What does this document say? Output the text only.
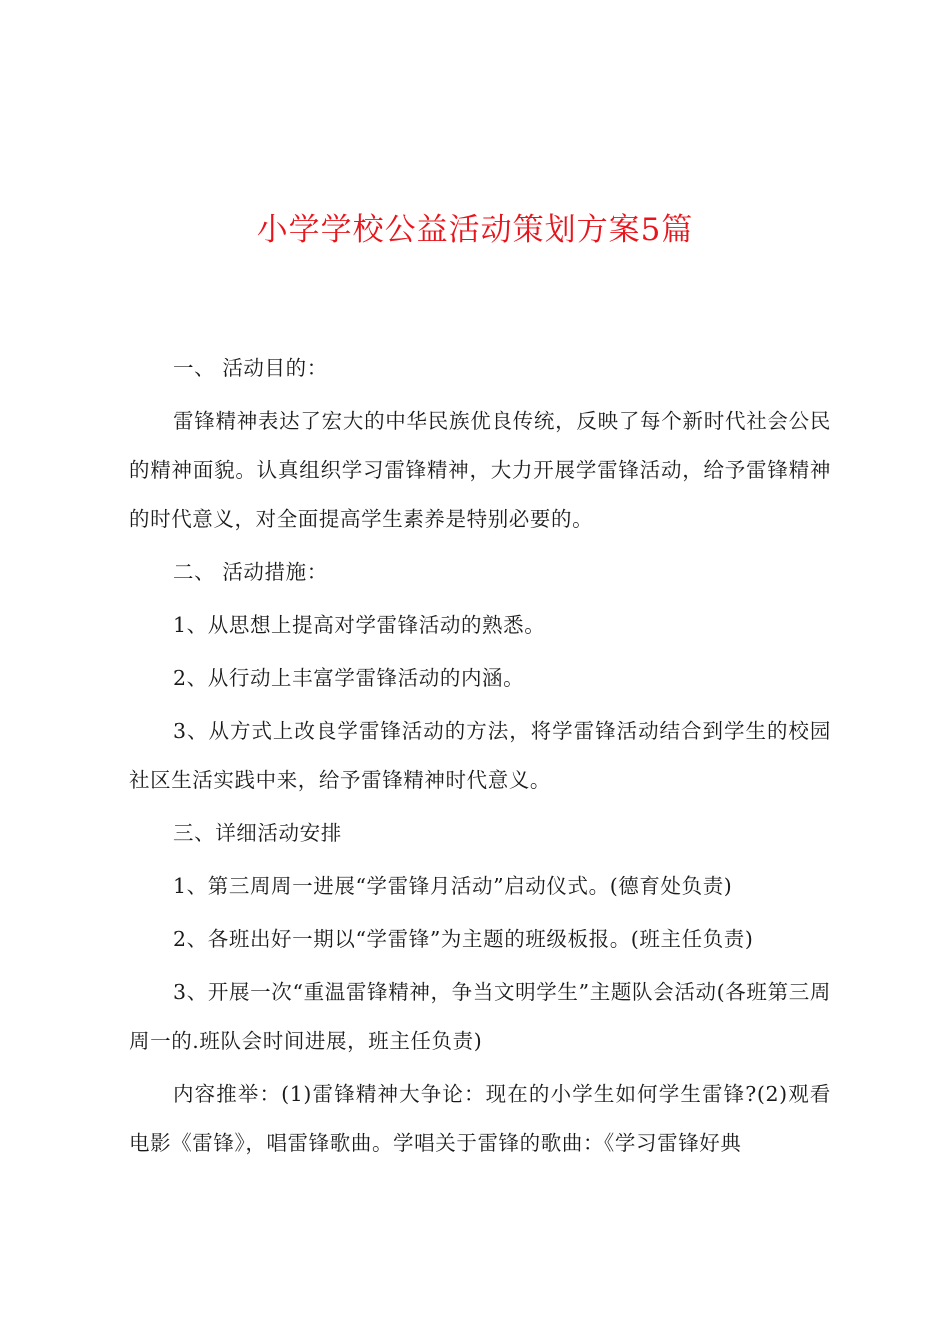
小学学校公益活动策划方案5篇

一、 活动目的：

雷锋精神表达了宏大的中华民族优良传统，反映了每个新时代社会公民的精神面貌。认真组织学习雷锋精神，大力开展学雷锋活动，给予雷锋精神的时代意义，对全面提高学生素养是特别必要的。

二、 活动措施：

1、从思想上提高对学雷锋活动的熟悉。

2、从行动上丰富学雷锋活动的内涵。

3、从方式上改良学雷锋活动的方法，将学雷锋活动结合到学生的校园社区生活实践中来，给予雷锋精神时代意义。

三、详细活动安排

1、第三周周一进展“学雷锋月活动”启动仪式。(德育处负责)

2、各班出好一期以“学雷锋”为主题的班级板报。(班主任负责)

3、开展一次“重温雷锋精神，争当文明学生”主题队会活动(各班第三周周一的.班队会时间进展，班主任负责)

内容推举：(1)雷锋精神大争论：现在的小学生如何学生雷锋?(2)观看电影《雷锋》，唱雷锋歌曲。学唱关于雷锋的歌曲：《学习雷锋好典
